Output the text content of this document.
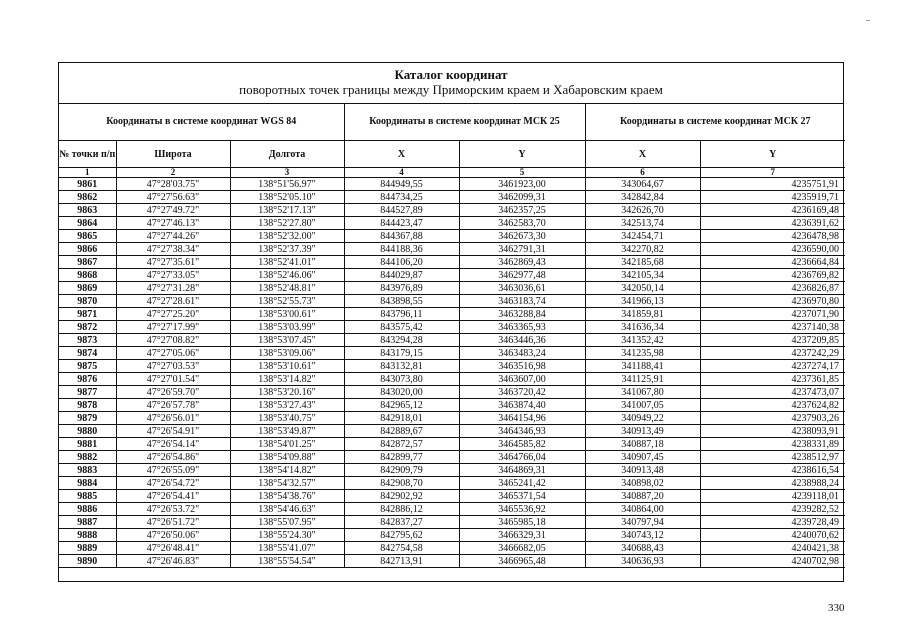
Каталог координат
поворотных точек границы между Приморским краем и Хабаровским краем
Координаты в системе координат WGS 84			Координаты в системе координат МСК 25		Координаты в системе координат МСК 27	
№ точки п/п	Широта	Долгота	X	Y	X	Y
1	2	3	4	5	6	7
9861	47°28'03.75"	138°51'56.97"	844949,55	3461923,00	343064,67	4235751,91
9862	47°27'56.63"	138°52'05.10"	844734,25	3462099,31	342842,84	4235919,71
9863	47°27'49.72"	138°52'17.13"	844527,89	3462357,25	342626,70	4236169,48
9864	47°27'46.13"	138°52'27.80"	844423,47	3462583,70	342513,74	4236391,62
9865	47°27'44.26"	138°52'32.00"	844367,88	3462673,30	342454,71	4236478,98
9866	47°27'38.34"	138°52'37.39"	844188,36	3462791,31	342270,82	4236590,00
9867	47°27'35.61"	138°52'41.01"	844106,20	3462869,43	342185,68	4236664,84
9868	47°27'33.05"	138°52'46.06"	844029,87	3462977,48	342105,34	4236769,82
9869	47°27'31.28"	138°52'48.81"	843976,89	3463036,61	342050,14	4236826,87
9870	47°27'28.61"	138°52'55.73"	843898,55	3463183,74	341966,13	4236970,80
9871	47°27'25.20"	138°53'00.61"	843796,11	3463288,84	341859,81	4237071,90
9872	47°27'17.99"	138°53'03.99"	843575,42	3463365,93	341636,34	4237140,38
9873	47°27'08.82"	138°53'07.45"	843294,28	3463446,36	341352,42	4237209,85
9874	47°27'05.06"	138°53'09.06"	843179,15	3463483,24	341235,98	4237242,29
9875	47°27'03.53"	138°53'10.61"	843132,81	3463516,98	341188,41	4237274,17
9876	47°27'01.54"	138°53'14.82"	843073,80	3463607,00	341125,91	4237361,85
9877	47°26'59.70"	138°53'20.16"	843020,00	3463720,42	341067,80	4237473,07
9878	47°26'57.78"	138°53'27.43"	842965,12	3463874,40	341007,05	4237624,82
9879	47°26'56.01"	138°53'40.75"	842918,01	3464154,96	340949,22	4237903,26
9880	47°26'54.91"	138°53'49.87"	842889,67	3464346,93	340913,49	4238093,91
9881	47°26'54.14"	138°54'01.25"	842872,57	3464585,82	340887,18	4238331,89
9882	47°26'54.86"	138°54'09.88"	842899,77	3464766,04	340907,45	4238512,97
9883	47°26'55.09"	138°54'14.82"	842909,79	3464869,31	340913,48	4238616,54
9884	47°26'54.72"	138°54'32.57"	842908,70	3465241,42	340898,02	4238988,24
9885	47°26'54.41"	138°54'38.76"	842902,92	3465371,54	340887,20	4239118,01
9886	47°26'53.72"	138°54'46.63"	842886,12	3465536,92	340864,00	4239282,52
9887	47°26'51.72"	138°55'07.95"	842837,27	3465985,18	340797,94	4239728,49
9888	47°26'50.06"	138°55'24.30"	842795,62	3466329,31	340743,12	4240070,62
9889	47°26'48.41"	138°55'41.07"	842754,58	3466682,05	340688,43	4240421,38
9890	47°26'46.83"	138°55'54.54"	842713,91	3466965,48	340636,93	4240702,98
330
